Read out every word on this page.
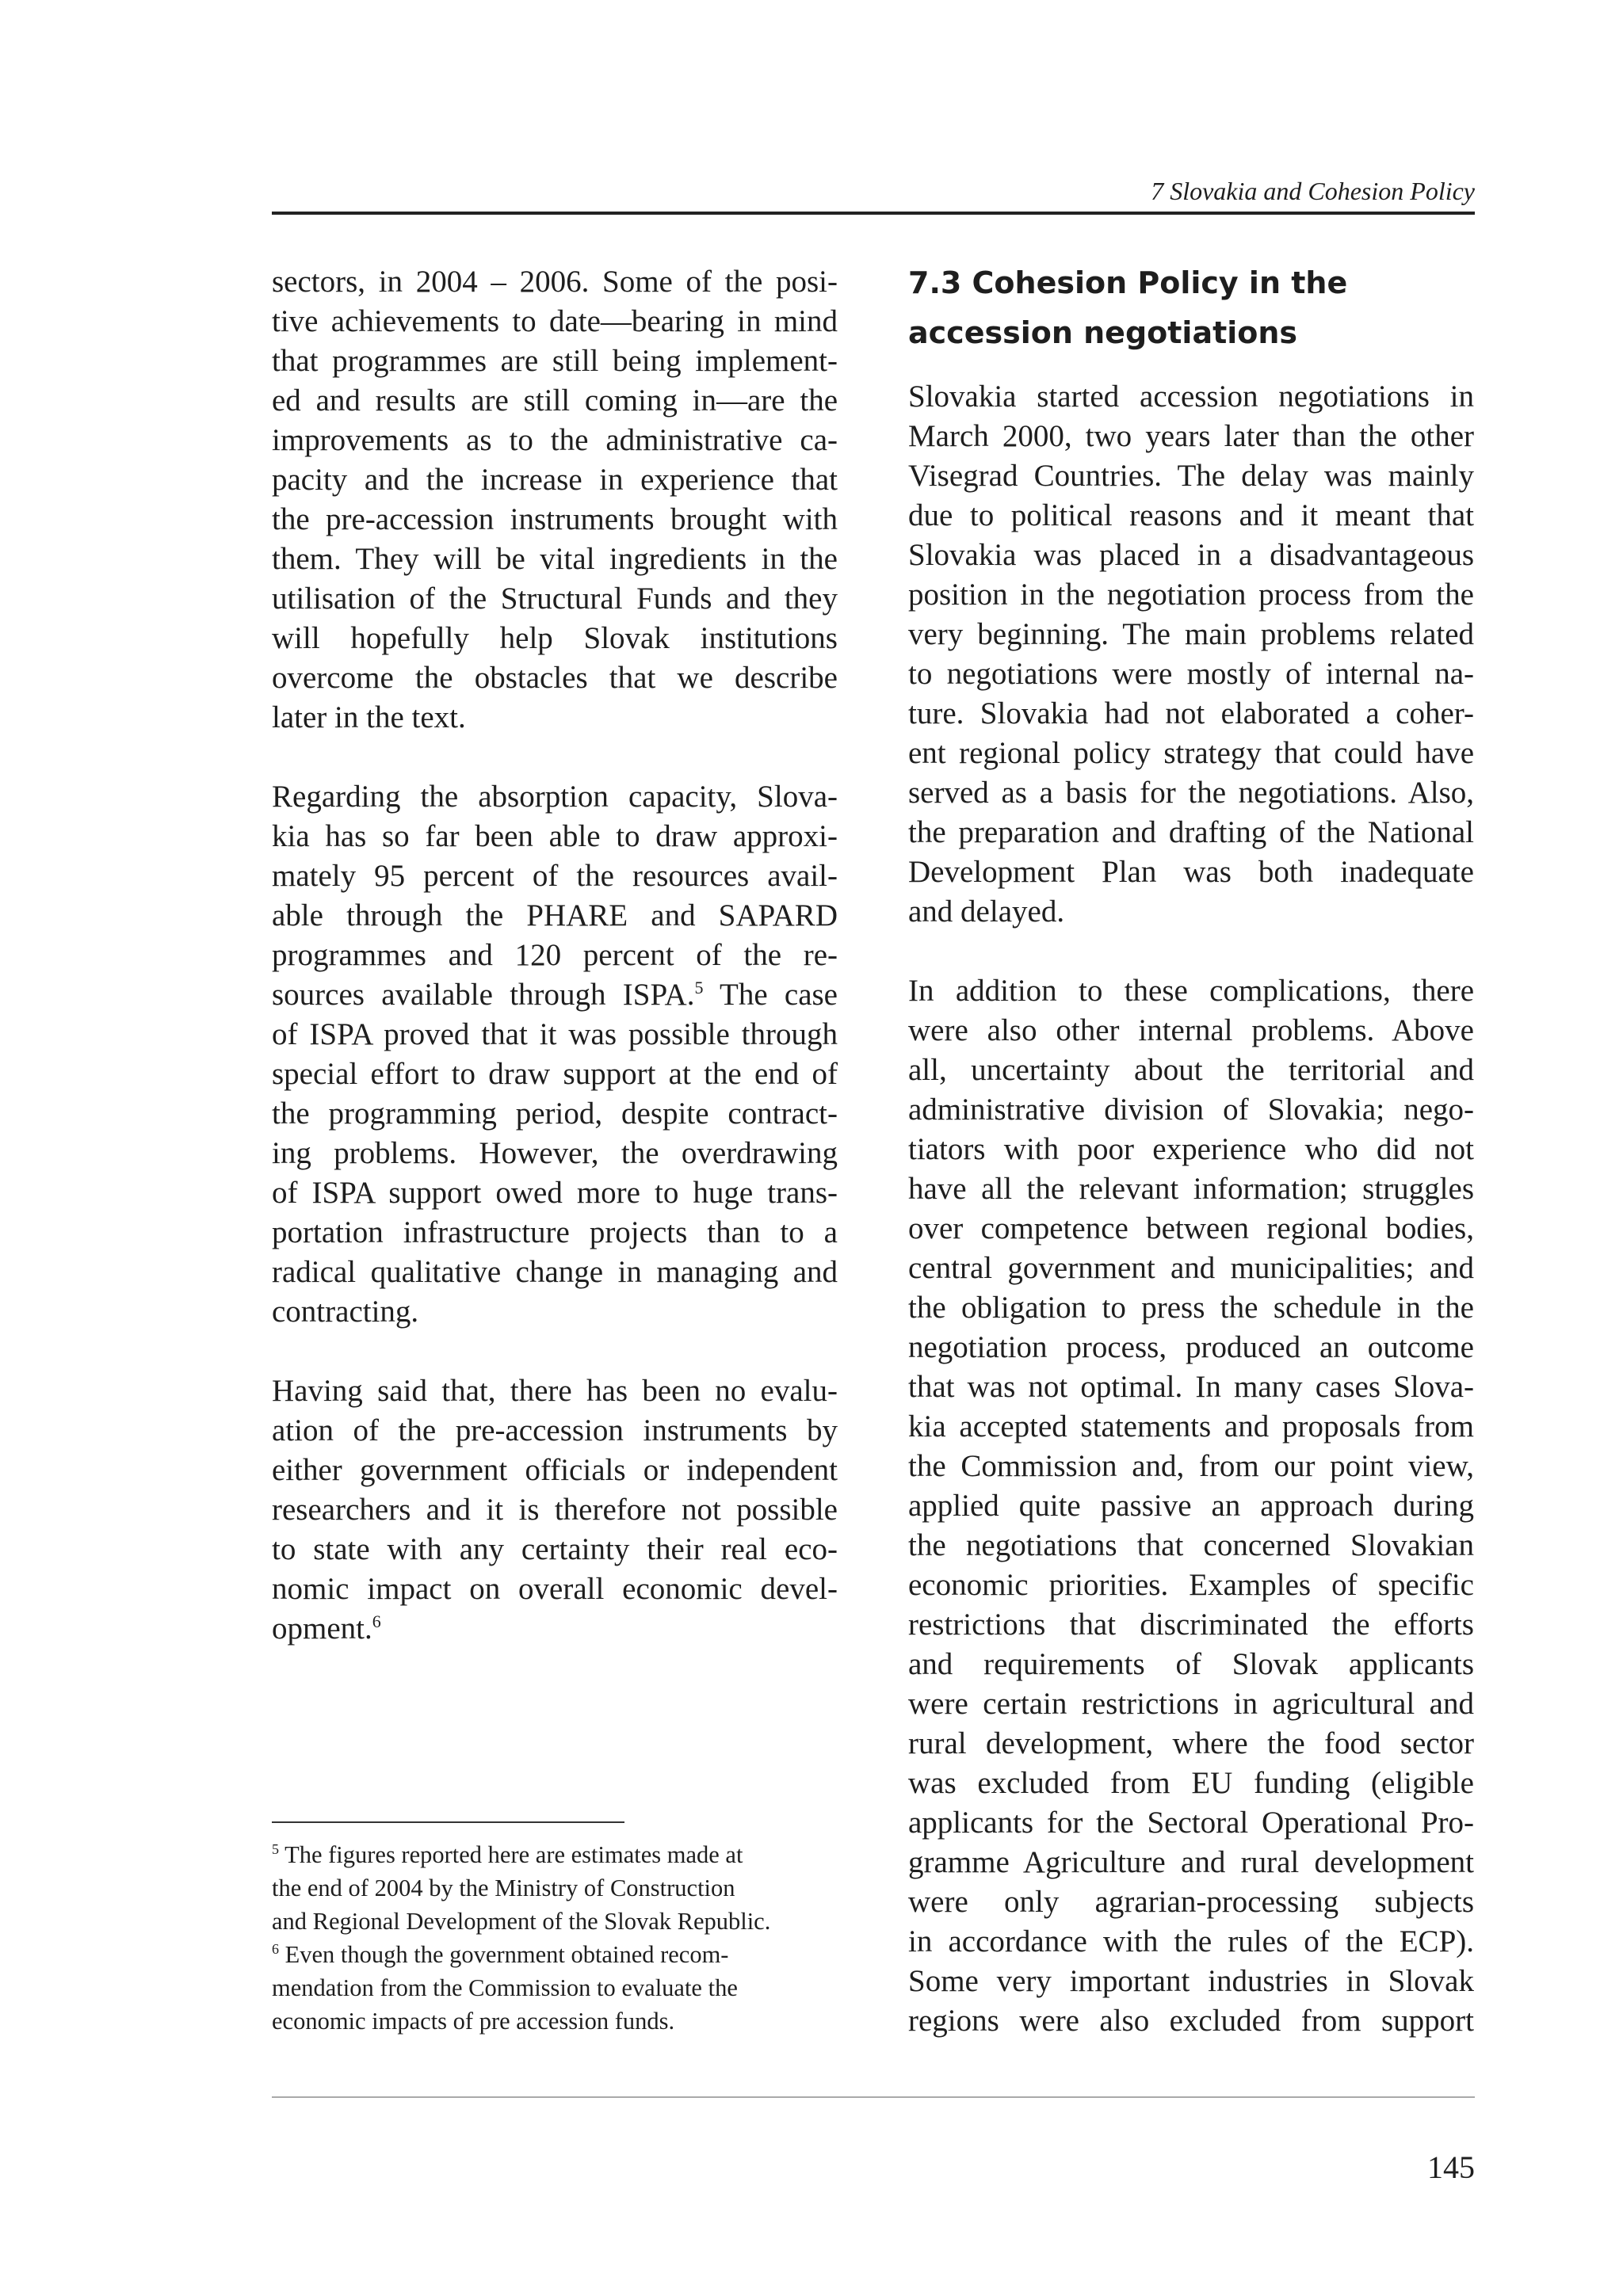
7 Slovakia and Cohesion Policy
sectors, in 2004 – 2006. Some of the posi-
tive achievements to date—bearing in mind
that programmes are still being implement-
ed and results are still coming in—are the
improvements as to the administrative ca-
pacity and the increase in experience that
the pre-accession instruments brought with
them. They will be vital ingredients in the
utilisation of the Structural Funds and they
will hopefully help Slovak institutions
overcome the obstacles that we describe
later in the text.
Regarding the absorption capacity, Slova-
kia has so far been able to draw approxi-
mately 95 percent of the resources avail-
able through the PHARE and SAPARD
programmes and 120 percent of the re-
sources available through ISPA.$^5$ The case
of ISPA proved that it was possible through
special effort to draw support at the end of
the programming period, despite contract-
ing problems. However, the overdrawing
of ISPA support owed more to huge trans-
portation infrastructure projects than to a
radical qualitative change in managing and
contracting.
Having said that, there has been no evalu-
ation of the pre-accession instruments by
either government officials or independent
researchers and it is therefore not possible
to state with any certainty their real eco-
nomic impact on overall economic devel-
opment.$^6$
7.3 Cohesion Policy in the
accession negotiations
Slovakia started accession negotiations in
March 2000, two years later than the other
Visegrad Countries. The delay was mainly
due to political reasons and it meant that
Slovakia was placed in a disadvantageous
position in the negotiation process from the
very beginning. The main problems related
to negotiations were mostly of internal na-
ture. Slovakia had not elaborated a coher-
ent regional policy strategy that could have
served as a basis for the negotiations. Also,
the preparation and drafting of the National
Development Plan was both inadequate
and delayed.
In addition to these complications, there
were also other internal problems. Above
all, uncertainty about the territorial and
administrative division of Slovakia; nego-
tiators with poor experience who did not
have all the relevant information; struggles
over competence between regional bodies,
central government and municipalities; and
the obligation to press the schedule in the
negotiation process, produced an outcome
that was not optimal. In many cases Slova-
kia accepted statements and proposals from
the Commission and, from our point view,
applied quite passive an approach during
the negotiations that concerned Slovakian
economic priorities. Examples of specific
restrictions that discriminated the efforts
and requirements of Slovak applicants
were certain restrictions in agricultural and
rural development, where the food sector
was excluded from EU funding (eligible
applicants for the Sectoral Operational Pro-
gramme Agriculture and rural development
were only agrarian-processing subjects
in accordance with the rules of the ECP).
Some very important industries in Slovak
regions were also excluded from support
$^5$ The figures reported here are estimates made at
the end of 2004 by the Ministry of Construction
and Regional Development of the Slovak Republic.
$^6$ Even though the government obtained recom-
mendation from the Commission to evaluate the
economic impacts of pre accession funds.
145
